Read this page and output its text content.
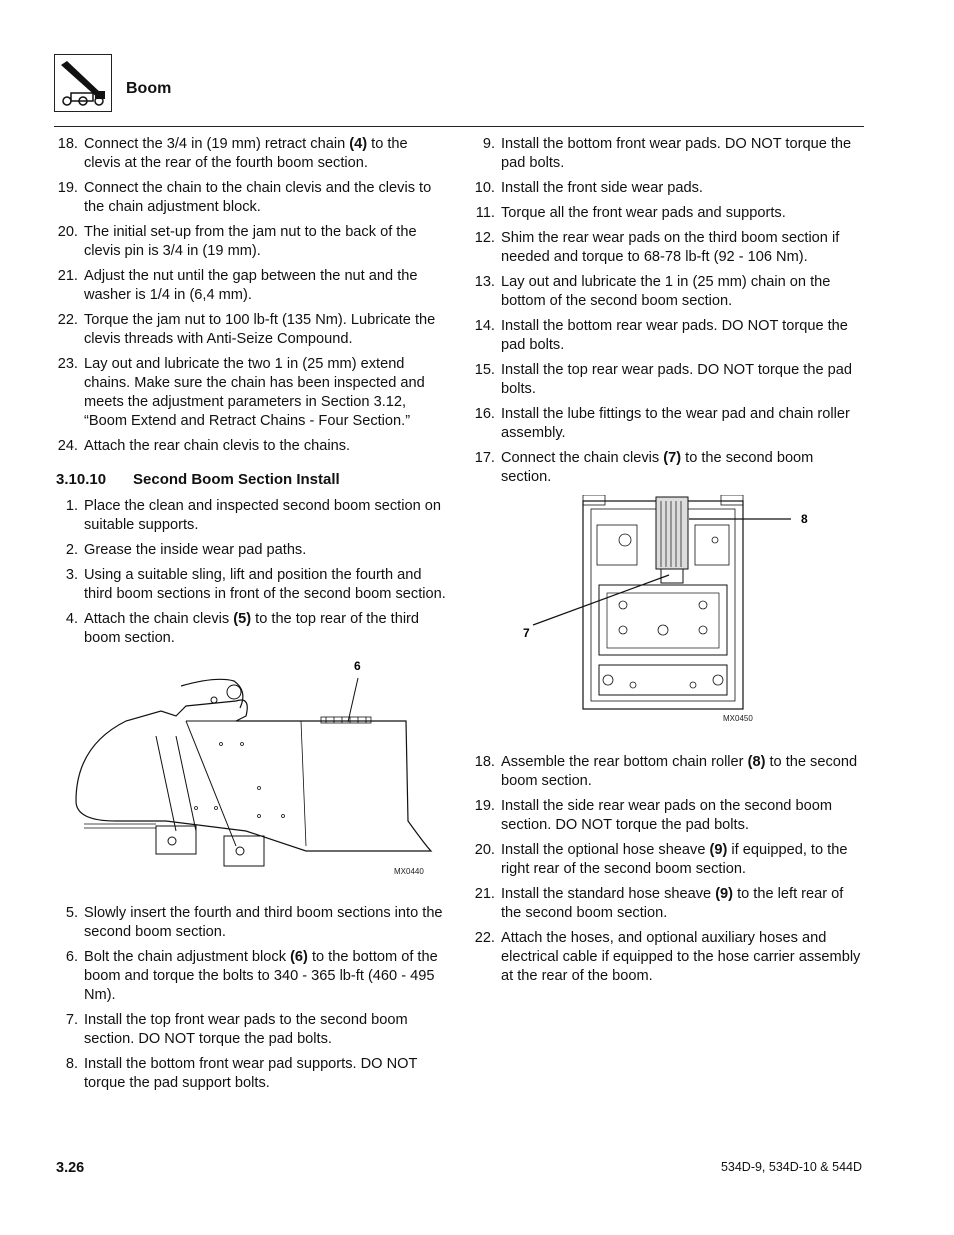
Boom
18. Connect the 3/4 in (19 mm) retract chain (4) to the clevis at the rear of the fourth boom section.
19. Connect the chain to the chain clevis and the clevis to the chain adjustment block.
20. The initial set-up from the jam nut to the back of the clevis pin is 3/4 in (19 mm).
21. Adjust the nut until the gap between the nut and the washer is 1/4 in (6,4 mm).
22. Torque the jam nut to 100 lb-ft (135 Nm). Lubricate the clevis threads with Anti-Seize Compound.
23. Lay out and lubricate the two 1 in (25 mm) extend chains. Make sure the chain has been inspected and meets the adjustment parameters in Section 3.12, “Boom Extend and Retract Chains - Four Section.”
24. Attach the rear chain clevis to the chains.
3.10.10 Second Boom Section Install
1. Place the clean and inspected second boom section on suitable supports.
2. Grease the inside wear pad paths.
3. Using a suitable sling, lift and position the fourth and third boom sections in front of the second boom section.
4. Attach the chain clevis (5) to the top rear of the third boom section.
6
MX0440
5. Slowly insert the fourth and third boom sections into the second boom section.
6. Bolt the chain adjustment block (6) to the bottom of the boom and torque the bolts to 340 - 365 lb-ft (460 - 495 Nm).
7. Install the top front wear pads to the second boom section. DO NOT torque the pad bolts.
8. Install the bottom front wear pad supports. DO NOT torque the pad support bolts.
9. Install the bottom front wear pads. DO NOT torque the pad bolts.
10. Install the front side wear pads.
11. Torque all the front wear pads and supports.
12. Shim the rear wear pads on the third boom section if needed and torque to 68-78 lb-ft (92 - 106 Nm).
13. Lay out and lubricate the 1 in (25 mm) chain on the bottom of the second boom section.
14. Install the bottom rear wear pads. DO NOT torque the pad bolts.
15. Install the top rear wear pads. DO NOT torque the pad bolts.
16. Install the lube fittings to the wear pad and chain roller assembly.
17. Connect the chain clevis (7) to the second boom section.
8
7
MX0450
18. Assemble the rear bottom chain roller (8) to the second boom section.
19. Install the side rear wear pads on the second boom section. DO NOT torque the pad bolts.
20. Install the optional hose sheave (9) if equipped, to the right rear of the second boom section.
21. Install the standard hose sheave (9) to the left rear of the second boom section.
22. Attach the hoses, and optional auxiliary hoses and electrical cable if equipped to the hose carrier assembly at the rear of the boom.
3.26	534D-9, 534D-10 & 544D
